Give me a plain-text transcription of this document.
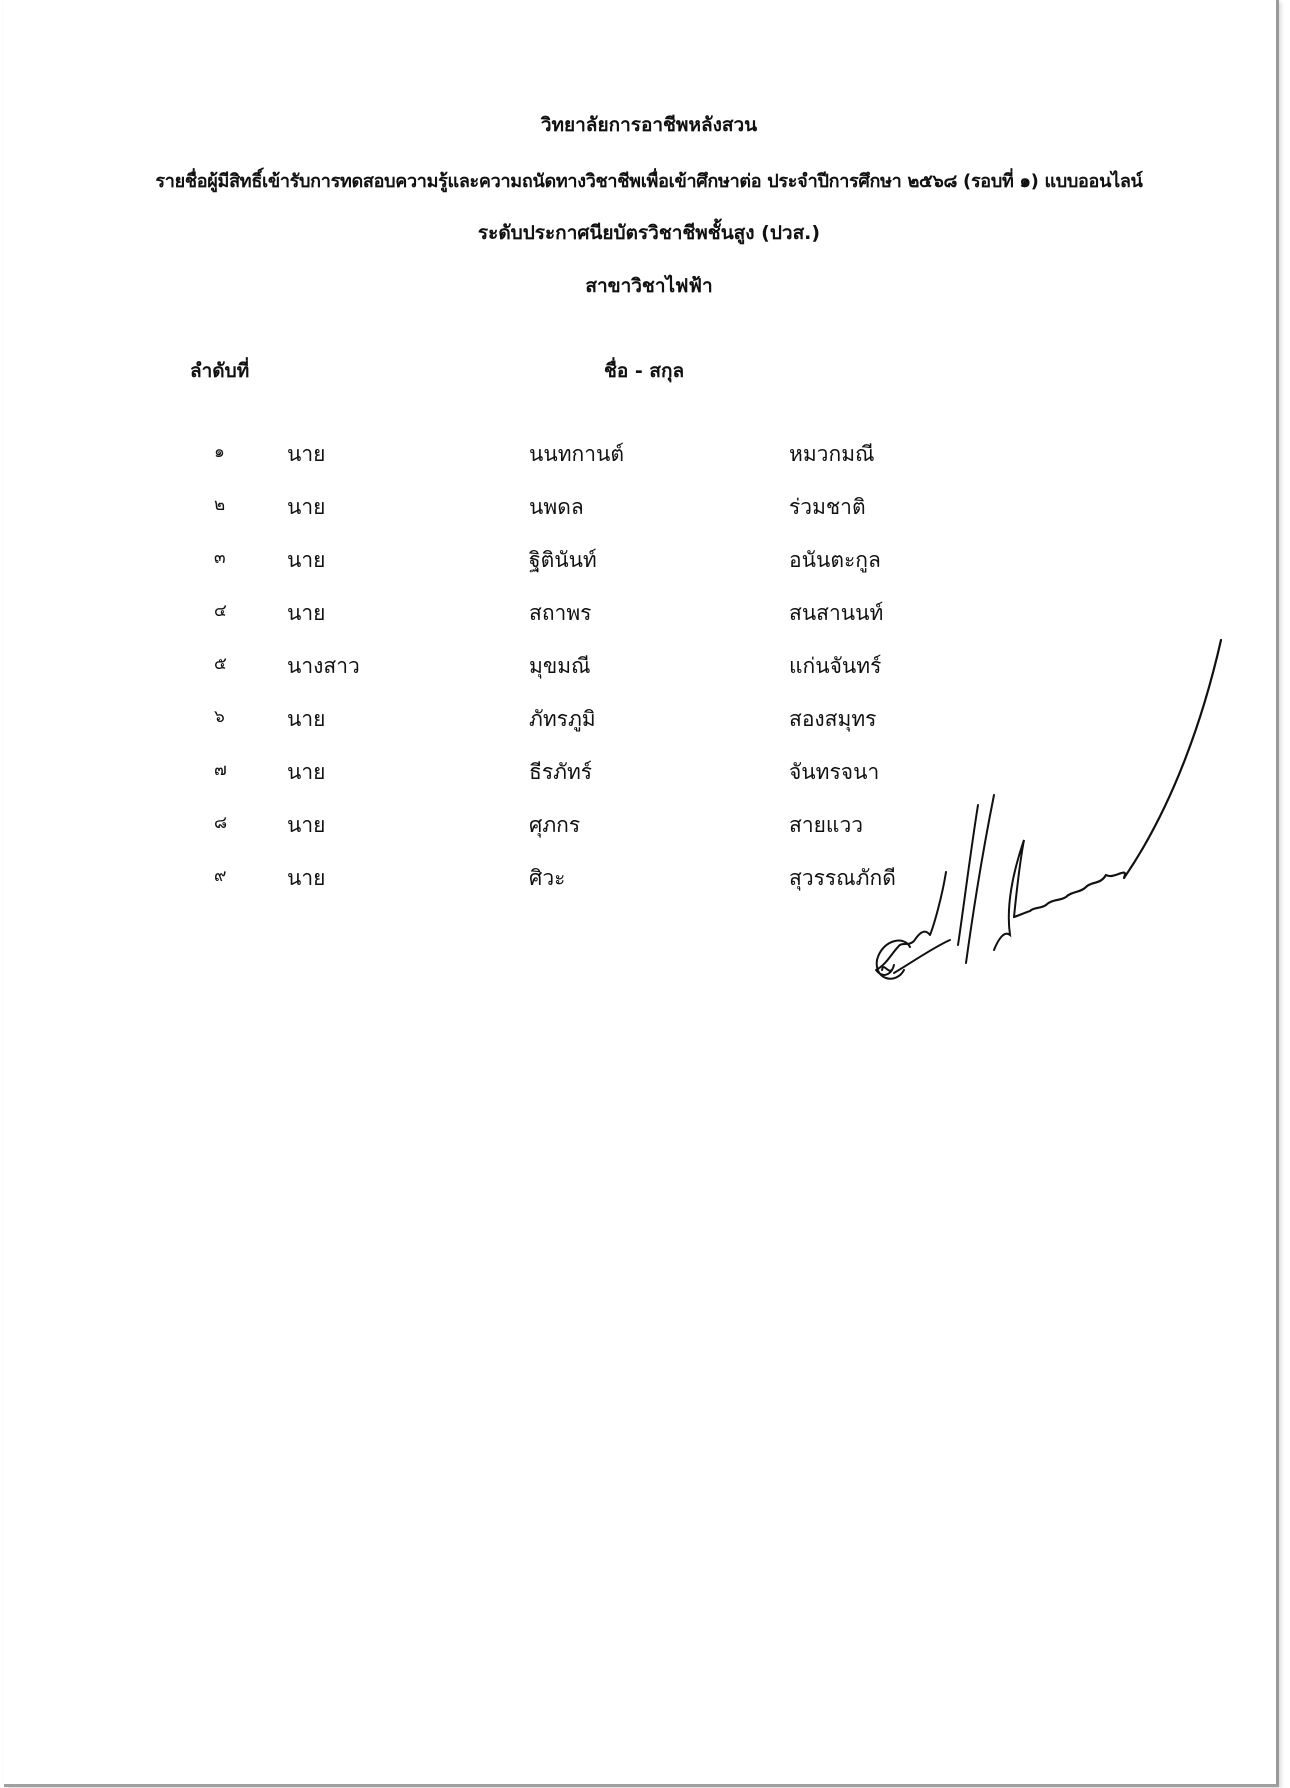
วิทยาลัยการอาชีพหลังสวน
รายชื่อผู้มีสิทธิ์เข้ารับการทดสอบความรู้และความถนัดทางวิชาชีพเพื่อเข้าศึกษาต่อ ประจำปีการศึกษา ๒๕๖๘ (รอบที่ ๑) แบบออนไลน์
ระดับประกาศนียบัตรวิชาชีพชั้นสูง (ปวส.)
สาขาวิชาไฟฟ้า
ลำดับที่	ชื่อ - สกุล
๑	นาย	นนทกานต์	หมวกมณี
๒	นาย	นพดล	ร่วมชาติ
๓	นาย	ฐิตินันท์	อนันตะกูล
๔	นาย	สถาพร	สนสานนท์
๕	นางสาว	มุขมณี	แก่นจันทร์
๖	นาย	ภัทรภูมิ	สองสมุทร
๗	นาย	ธีรภัทร์	จันทรจนา
๘	นาย	ศุภกร	สายแวว
๙	นาย	ศิวะ	สุวรรณภักดี
